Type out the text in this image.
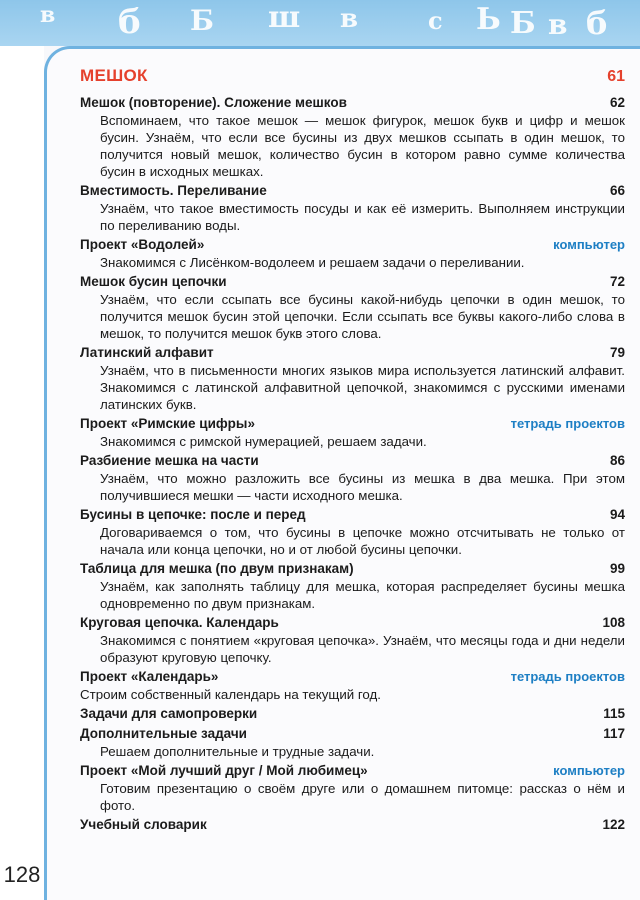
б	ш в
Б	б
с
в	Ь Б в
128
МЕШОК	61
Мешок (повторение). Сложение мешков	62
Вспоминаем, что такое мешок — мешок фигурок, мешок букв и цифр и мешок бусин. Узнаём, что если все бусины из двух мешков ссыпать в один мешок, то получится новый мешок, количество бусин в котором равно сумме количества бусин в исходных мешках.
Вместимость. Переливание	66
Узнаём, что такое вместимость посуды и как её измерить. Выполняем инструкции по переливанию воды.
Проект «Водолей»	компьютер
Знакомимся с Лисёнком-водолеем и решаем задачи о переливании.
Мешок бусин цепочки	72
Узнаём, что если ссыпать все бусины какой-нибудь цепочки в один мешок, то получится мешок бусин этой цепочки. Если ссыпать все буквы какого-либо слова в мешок, то получится мешок букв этого слова.
Латинский алфавит	79
Узнаём, что в письменности многих языков мира используется латинский алфавит. Знакомимся с латинской алфавитной цепочкой, знакомимся с русскими именами латинских букв.
Проект «Римские цифры»	тетрадь проектов
Знакомимся с римской нумерацией, решаем задачи.
Разбиение мешка на части	86
Узнаём, что можно разложить все бусины из мешка в два мешка. При этом получившиеся мешки — части исходного мешка.
Бусины в цепочке: после и перед	94
Договариваемся о том, что бусины в цепочке можно отсчитывать не только от начала или конца цепочки, но и от любой бусины цепочки.
Таблица для мешка (по двум признакам)	99
Узнаём, как заполнять таблицу для мешка, которая распределяет бусины мешка одновременно по двум признакам.
Круговая цепочка. Календарь	108
Знакомимся с понятием «круговая цепочка». Узнаём, что месяцы года и дни недели образуют круговую цепочку.
Проект «Календарь»	тетрадь проектов
Строим собственный календарь на текущий год.
Задачи для самопроверки	115
Дополнительные задачи	117
Решаем дополнительные и трудные задачи.
Проект «Мой лучший друг / Мой любимец»	компьютер
Готовим презентацию о своём друге или о домашнем питомце: рассказ о нём и фото.
Учебный словарик	122
